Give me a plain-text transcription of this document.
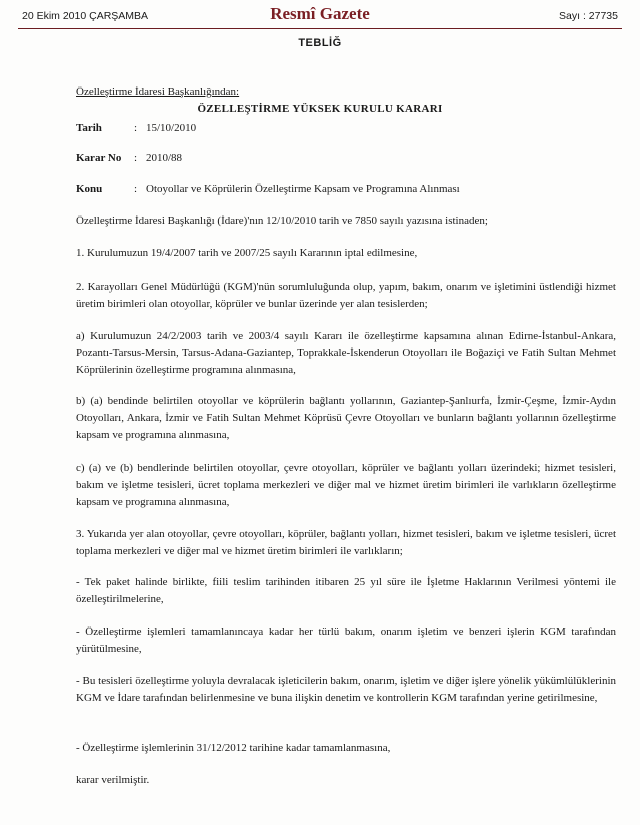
20 Ekim 2010 ÇARŞAMBA	Resmî Gazete	Sayı : 27735
TEBLİĞ
Özelleştirme İdaresi Başkanlığından:
ÖZELLEŞTİRME YÜKSEK KURULU KARARI
Tarih	: 15/10/2010
Karar No : 2010/88
Konu	: Otoyollar ve Köprülerin Özelleştirme Kapsam ve Programına Alınması
Özelleştirme İdaresi Başkanlığı (İdare)'nın 12/10/2010 tarih ve 7850 sayılı yazısına istinaden;
1. Kurulumuzun 19/4/2007 tarih ve 2007/25 sayılı Kararının iptal edilmesine,
2. Karayolları Genel Müdürlüğü (KGM)'nün sorumluluğunda olup, yapım, bakım, onarım ve işletimini üstlendiği hizmet üretim birimleri olan otoyollar, köprüler ve bunlar üzerinde yer alan tesislerden;
a) Kurulumuzun 24/2/2003 tarih ve 2003/4 sayılı Kararı ile özelleştirme kapsamına alınan Edirne-İstanbul-Ankara, Pozantı-Tarsus-Mersin, Tarsus-Adana-Gaziantep, Toprakkale-İskenderun Otoyolları ile Boğaziçi ve Fatih Sultan Mehmet Köprülerinin özelleştirme programına alınmasına,
b) (a) bendinde belirtilen otoyollar ve köprülerin bağlantı yollarının, Gaziantep-Şanlıurfa, İzmir-Çeşme, İzmir-Aydın Otoyolları, Ankara, İzmir ve Fatih Sultan Mehmet Köprüsü Çevre Otoyolları ve bunların bağlantı yollarının özelleştirme kapsam ve programına alınmasına,
c) (a) ve (b) bendlerinde belirtilen otoyollar, çevre otoyolları, köprüler ve bağlantı yolları üzerindeki; hizmet tesisleri, bakım ve işletme tesisleri, ücret toplama merkezleri ve diğer mal ve hizmet üretim birimleri ile varlıkların özelleştirme kapsam ve programına alınmasına,
3. Yukarıda yer alan otoyollar, çevre otoyolları, köprüler, bağlantı yolları, hizmet tesisleri, bakım ve işletme tesisleri, ücret toplama merkezleri ve diğer mal ve hizmet üretim birimleri ile varlıkların;
- Tek paket halinde birlikte, fiili teslim tarihinden itibaren 25 yıl süre ile İşletme Haklarının Verilmesi yöntemi ile özelleştirilmelerine,
- Özelleştirme işlemleri tamamlanıncaya kadar her türlü bakım, onarım işletim ve benzeri işlerin KGM tarafından yürütülmesine,
- Bu tesisleri özelleştirme yoluyla devralacak işleticilerin bakım, onarım, işletim ve diğer işlere yönelik yükümlülüklerinin KGM ve İdare tarafından belirlenmesine ve buna ilişkin denetim ve kontrollerin KGM tarafından yerine getirilmesine,
- Özelleştirme işlemlerinin 31/12/2012 tarihine kadar tamamlanmasına,
karar verilmiştir.
